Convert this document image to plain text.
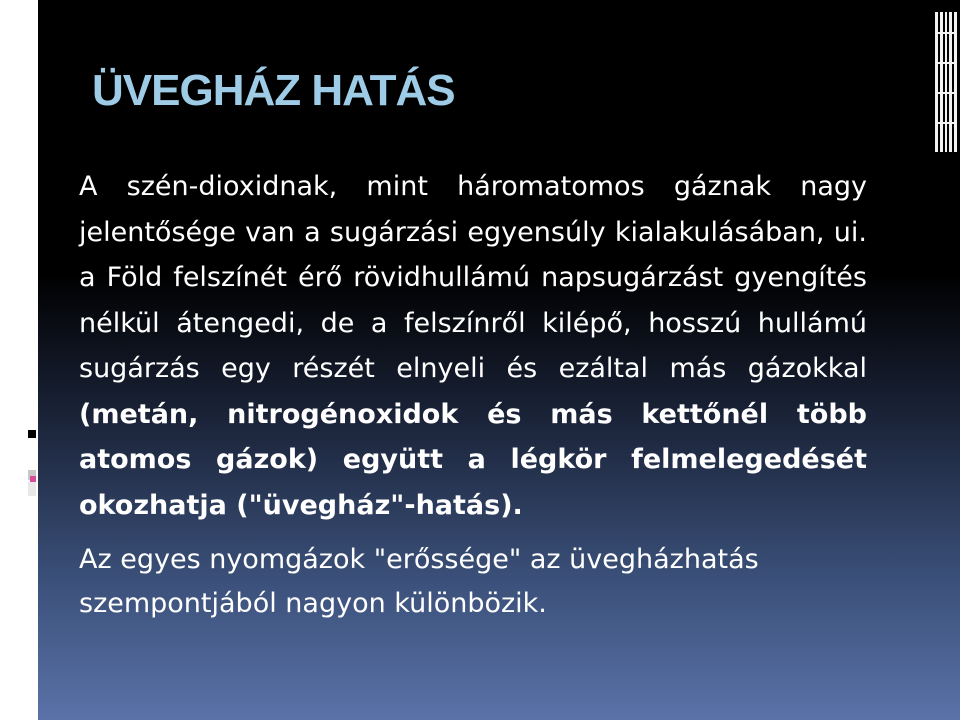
ÜVEGHÁZ HATÁS

A szén-dioxidnak, mint háromatomos gáznak nagy jelentősége van a sugárzási egyensúly kialakulásában, ui. a Föld felszínét érő rövidhullámú napsugárzást gyengítés nélkül átengedi, de a felszínről kilépő, hosszú hullámú sugárzás egy részét elnyeli és ezáltal más gázokkal (metán, nitrogénoxidok és más kettőnél több atomos gázok) együtt a légkör felmelegedését okozhatja ("üvegház"-hatás).

Az egyes nyomgázok "erőssége" az üvegházhatás szempontjából nagyon különbözik.
